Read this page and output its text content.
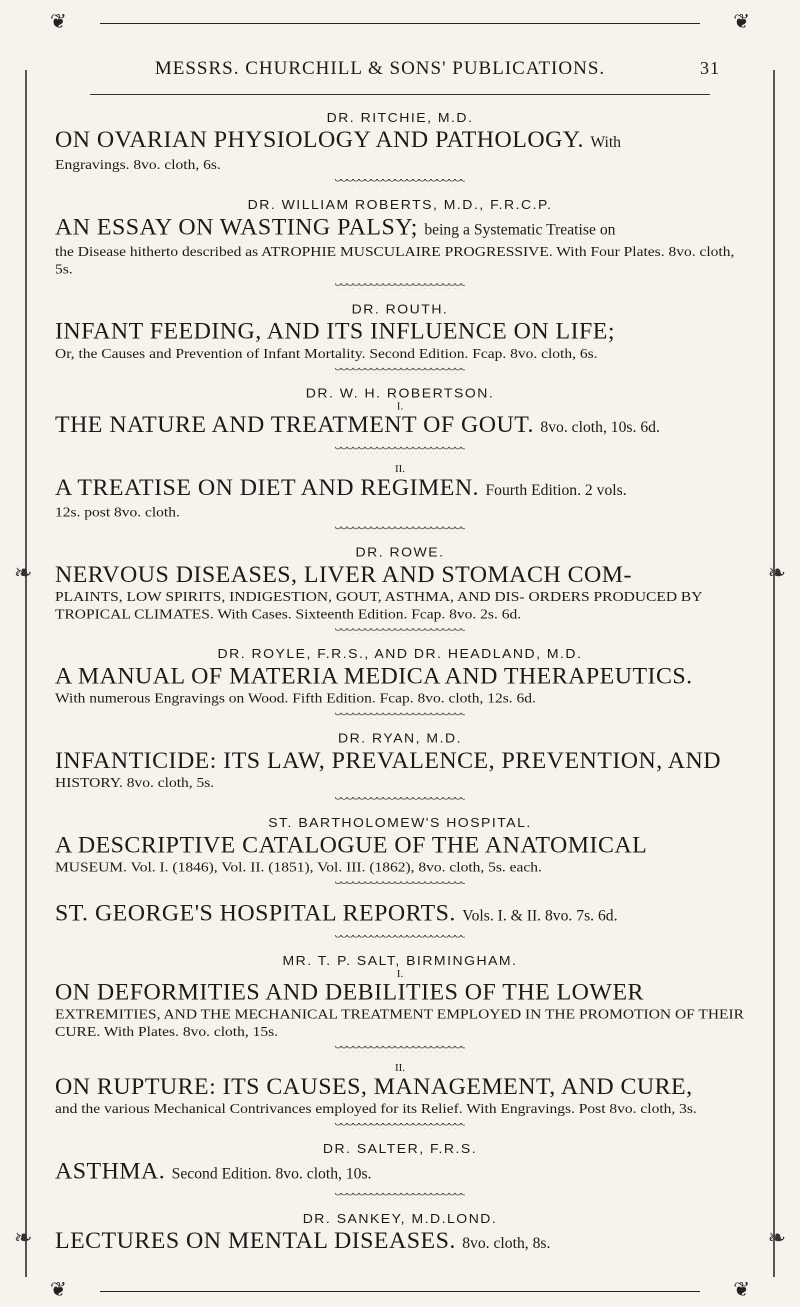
❦	❦
MESSRS. CHURCHILL & SONS' PUBLICATIONS.	31
❧	❧
❧	❧
DR. RITCHIE, M.D.
ON OVARIAN PHYSIOLOGY AND PATHOLOGY. With
Engravings. 8vo. cloth, 6s.
DR. WILLIAM ROBERTS, M.D., F.R.C.P.
AN ESSAY ON WASTING PALSY; being a Systematic Treatise on
the Disease hitherto described as ATROPHIE MUSCULAIRE PROGRESSIVE. With Four Plates. 8vo. cloth, 5s.
DR. ROUTH.
INFANT FEEDING, AND ITS INFLUENCE ON LIFE;
Or, the Causes and Prevention of Infant Mortality. Second Edition. Fcap. 8vo. cloth, 6s.
DR. W. H. ROBERTSON.
I.
THE NATURE AND TREATMENT OF GOUT. 8vo. cloth, 10s. 6d.
II.
A TREATISE ON DIET AND REGIMEN. Fourth Edition. 2 vols.
12s. post 8vo. cloth.
DR. ROWE.
NERVOUS DISEASES, LIVER AND STOMACH COM-
PLAINTS, LOW SPIRITS, INDIGESTION, GOUT, ASTHMA, AND DIS- ORDERS PRODUCED BY TROPICAL CLIMATES. With Cases. Sixteenth Edition. Fcap. 8vo. 2s. 6d.
DR. ROYLE, F.R.S., AND DR. HEADLAND, M.D.
A MANUAL OF MATERIA MEDICA AND THERAPEUTICS.
With numerous Engravings on Wood. Fifth Edition. Fcap. 8vo. cloth, 12s. 6d.
DR. RYAN, M.D.
INFANTICIDE: ITS LAW, PREVALENCE, PREVENTION, AND
HISTORY. 8vo. cloth, 5s.
ST. BARTHOLOMEW'S HOSPITAL.
A DESCRIPTIVE CATALOGUE OF THE ANATOMICAL
MUSEUM. Vol. I. (1846), Vol. II. (1851), Vol. III. (1862), 8vo. cloth, 5s. each.
ST. GEORGE'S HOSPITAL REPORTS. Vols. I. & II. 8vo. 7s. 6d.
MR. T. P. SALT, BIRMINGHAM.
I.
ON DEFORMITIES AND DEBILITIES OF THE LOWER
EXTREMITIES, AND THE MECHANICAL TREATMENT EMPLOYED IN THE PROMOTION OF THEIR CURE. With Plates. 8vo. cloth, 15s.
II.
ON RUPTURE: ITS CAUSES, MANAGEMENT, AND CURE,
and the various Mechanical Contrivances employed for its Relief. With Engravings. Post 8vo. cloth, 3s.
DR. SALTER, F.R.S.
ASTHMA. Second Edition. 8vo. cloth, 10s.
DR. SANKEY, M.D.LOND.
LECTURES ON MENTAL DISEASES. 8vo. cloth, 8s.
❦	❦
